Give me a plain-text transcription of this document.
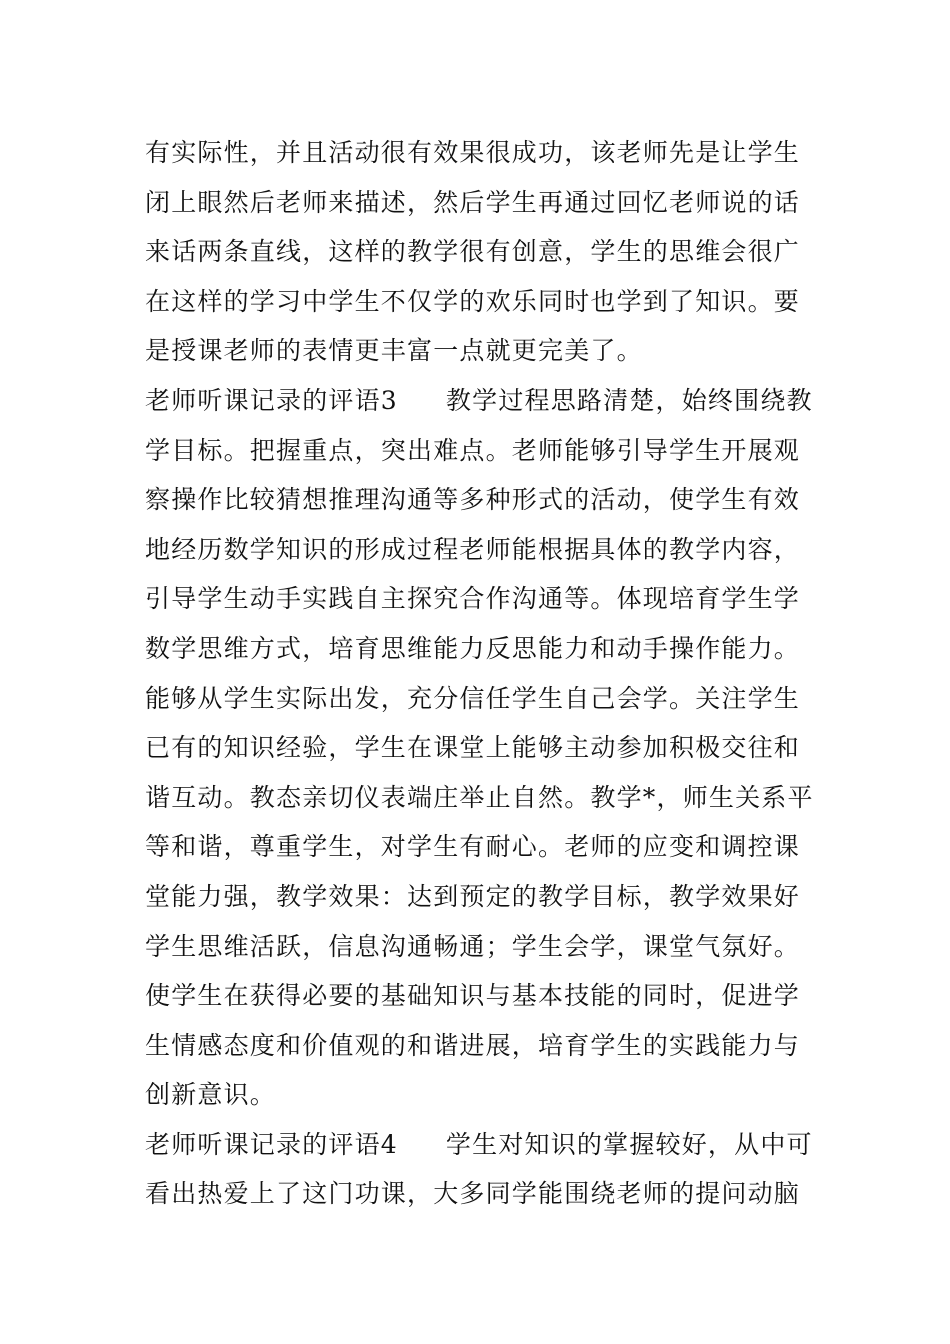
有实际性，并且活动很有效果很成功，该老师先是让学生
闭上眼然后老师来描述，然后学生再通过回忆老师说的话
来话两条直线，这样的教学很有创意，学生的思维会很广
在这样的学习中学生不仅学的欢乐同时也学到了知识。要
是授课老师的表情更丰富一点就更完美了。
老师听课记录的评语3 教学过程思路清楚，始终围绕教
学目标。把握重点，突出难点。老师能够引导学生开展观
察操作比较猜想推理沟通等多种形式的活动，使学生有效
地经历数学知识的形成过程老师能根据具体的教学内容，
引导学生动手实践自主探究合作沟通等。体现培育学生学
数学思维方式，培育思维能力反思能力和动手操作能力。
能够从学生实际出发，充分信任学生自己会学。关注学生
已有的知识经验，学生在课堂上能够主动参加积极交往和
谐互动。教态亲切仪表端庄举止自然。教学*，师生关系平
等和谐，尊重学生，对学生有耐心。老师的应变和调控课
堂能力强，教学效果：达到预定的教学目标，教学效果好
学生思维活跃，信息沟通畅通；学生会学，课堂气氛好。
使学生在获得必要的基础知识与基本技能的同时，促进学
生情感态度和价值观的和谐进展，培育学生的实践能力与
创新意识。
老师听课记录的评语4 学生对知识的掌握较好，从中可
看出热爱上了这门功课，大多同学能围绕老师的提问动脑
